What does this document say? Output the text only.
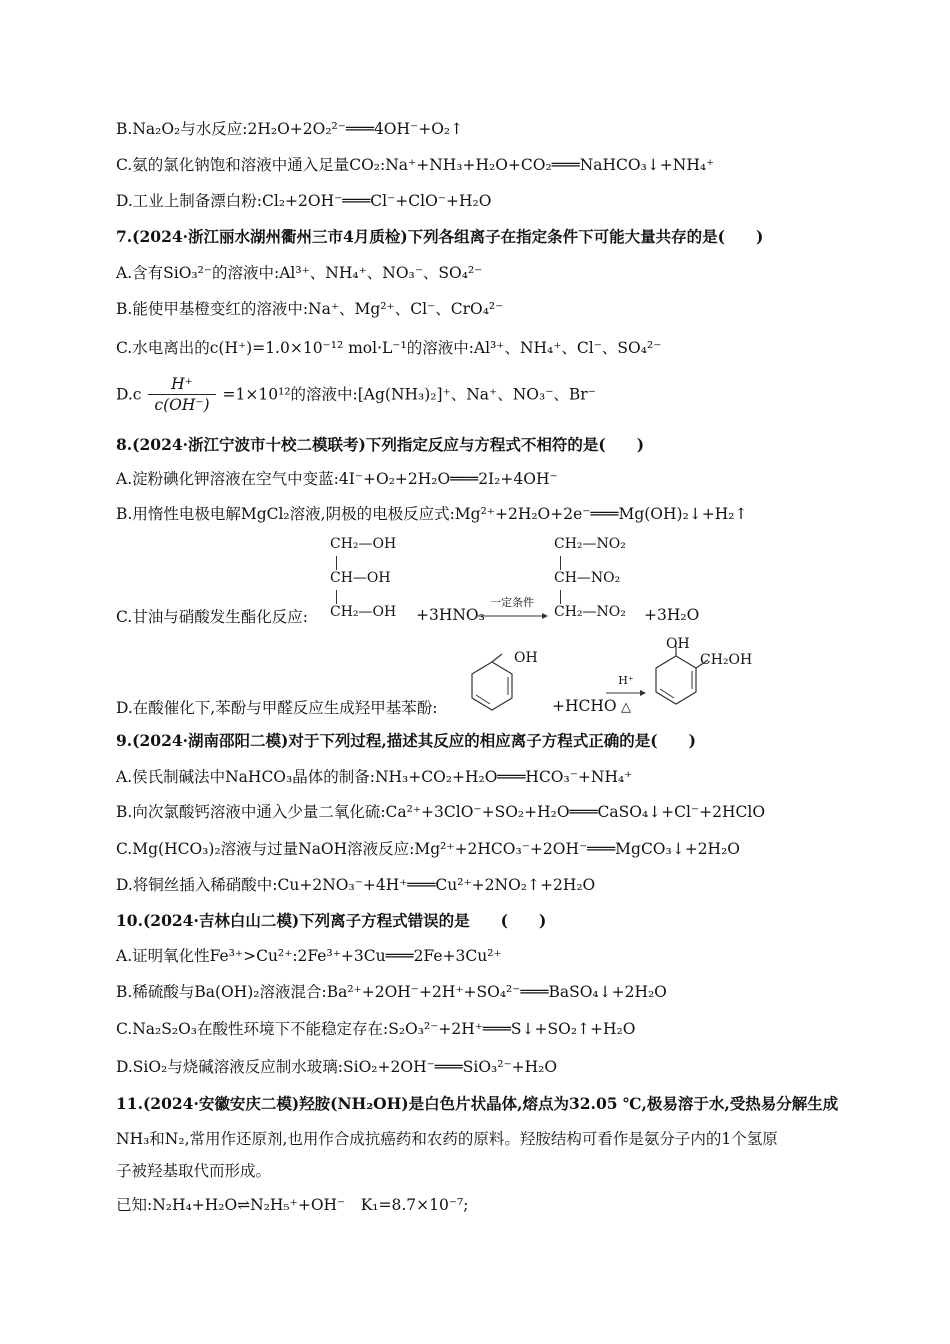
B.Na₂O₂与水反应:2H₂O+2O₂²⁻═══4OH⁻+O₂↑
C.氨的氯化钠饱和溶液中通入足量CO₂:Na⁺+NH₃+H₂O+CO₂═══NaHCO₃↓+NH₄⁺
D.工业上制备漂白粉:Cl₂+2OH⁻═══Cl⁻+ClO⁻+H₂O
7.(2024·浙江丽水湖州衢州三市4月质检)下列各组离子在指定条件下可能大量共存的是(　　)
A.含有SiO₃²⁻的溶液中:Al³⁺、NH₄⁺、NO₃⁻、SO₄²⁻
B.能使甲基橙变红的溶液中:Na⁺、Mg²⁺、Cl⁻、CrO₄²⁻
C.水电离出的c(H⁺)=1.0×10⁻¹² mol·L⁻¹的溶液中:Al³⁺、NH₄⁺、Cl⁻、SO₄²⁻
$D.c \frac{H^+}{c(OH^-)} =1\times 10^{12}$的溶液中:[Ag(NH₃)₂]⁺、Na⁺、NO₃⁻、Br⁻
8.(2024·浙江宁波市十校二模联考)下列指定反应与方程式不相符的是(　　)
A.淀粉碘化钾溶液在空气中变蓝:4I⁻+O₂+2H₂O═══2I₂+4OH⁻
B.用惰性电极电解MgCl₂溶液,阴极的电极反应式:Mg²⁺+2H₂O+2e⁻═══Mg(OH)₂↓+H₂↑
CH₂—OH
CH—OH
CH₂—OH
C.甘油与硝酸发生酯化反应:	+3HNO₃
一定条件
CH₂—NO₂
CH—NO₂
CH₂—NO₂ +3H₂O
D.在酸催化下,苯酚与甲醛反应生成羟甲基苯酚:
OH
+HCHO
H⁺
△
OH
CH₂OH
9.(2024·湖南邵阳二模)对于下列过程,描述其反应的相应离子方程式正确的是(　　)
A.侯氏制碱法中NaHCO₃晶体的制备:NH₃+CO₂+H₂O═══HCO₃⁻+NH₄⁺
B.向次氯酸钙溶液中通入少量二氧化硫:Ca²⁺+3ClO⁻+SO₂+H₂O═══CaSO₄↓+Cl⁻+2HClO
C.Mg(HCO₃)₂溶液与过量NaOH溶液反应:Mg²⁺+2HCO₃⁻+2OH⁻═══MgCO₃↓+2H₂O
D.将铜丝插入稀硝酸中:Cu+2NO₃⁻+4H⁺═══Cu²⁺+2NO₂↑+2H₂O
10.(2024·吉林白山二模)下列离子方程式错误的是　　(　　)
A.证明氧化性Fe³⁺>Cu²⁺:2Fe³⁺+3Cu═══2Fe+3Cu²⁺
B.稀硫酸与Ba(OH)₂溶液混合:Ba²⁺+2OH⁻+2H⁺+SO₄²⁻═══BaSO₄↓+2H₂O
C.Na₂S₂O₃在酸性环境下不能稳定存在:S₂O₃²⁻+2H⁺═══S↓+SO₂↑+H₂O
D.SiO₂与烧碱溶液反应制水玻璃:SiO₂+2OH⁻═══SiO₃²⁻+H₂O
11.(2024·安徽安庆二模)羟胺(NH₂OH)是白色片状晶体,熔点为32.05 ℃,极易溶于水,受热易分解生成
NH₃和N₂,常用作还原剂,也用作合成抗癌药和农药的原料。羟胺结构可看作是氨分子内的1个氢原
子被羟基取代而形成。
已知:N₂H₄+H₂O⇌N₂H₅⁺+OH⁻　K₁=8.7×10⁻⁷;
